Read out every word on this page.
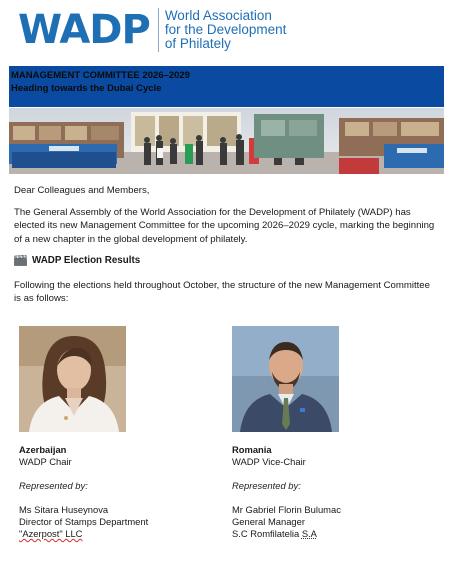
WADP World Association
for the Development
of Philately
MANAGEMENT COMMITTEE 2026–2029
Heading towards the Dubai Cycle
Dear Colleagues and Members,
The General Assembly of the World Association for the Development of Philately (WADP) has elected its new Management Committee for the upcoming 2026–2029 cycle, marking the beginning of a new chapter in the global development of philately.
WADP Election Results
Following the elections held throughout October, the structure of the new Management Committee is as follows:
Azerbaijan
WADP Chair
Represented by:
Ms Sitara Huseynova
Director of Stamps Department
"Azerpost" LLC
Romania
WADP Vice-Chair
Represented by:
Mr Gabriel Florin Bulumac
General Manager
S.C Romfilatelia S.A
